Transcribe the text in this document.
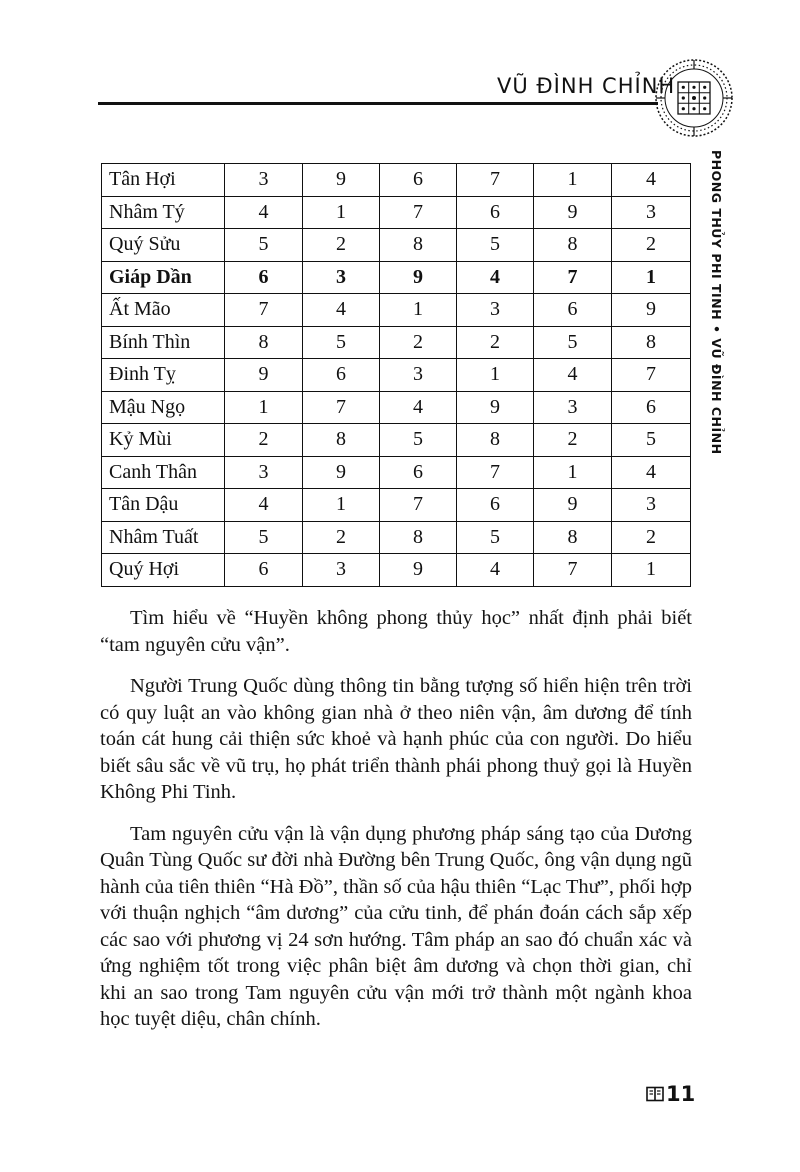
VŨ ĐÌNH CHỈNH
PHONG THỦY PHI TINH • VŨ ĐÌNH CHỈNH
Tân Hợi	3	9	6	7	1	4
Nhâm Tý	4	1	7	6	9	3
Quý Sửu	5	2	8	5	8	2
Giáp Dần	6	3	9	4	7	1
Ất Mão	7	4	1	3	6	9
Bính Thìn	8	5	2	2	5	8
Đinh Tỵ	9	6	3	1	4	7
Mậu Ngọ	1	7	4	9	3	6
Kỷ Mùi	2	8	5	8	2	5
Canh Thân	3	9	6	7	1	4
Tân Dậu	4	1	7	6	9	3
Nhâm Tuất	5	2	8	5	8	2
Quý Hợi	6	3	9	4	7	1

Tìm hiểu về “Huyền không phong thủy học” nhất định phải biết “tam nguyên cửu vận”.

Người Trung Quốc dùng thông tin bằng tượng số hiển hiện trên trời có quy luật an vào không gian nhà ở theo niên vận, âm dương để tính toán cát hung cải thiện sức khoẻ và hạnh phúc của con người. Do hiểu biết sâu sắc về vũ trụ, họ phát triển thành phái phong thuỷ gọi là Huyền Không Phi Tinh.

Tam nguyên cửu vận là vận dụng phương pháp sáng tạo của Dương Quân Tùng Quốc sư đời nhà Đường bên Trung Quốc, ông vận dụng ngũ hành của tiên thiên “Hà Đồ”, thần số của hậu thiên “Lạc Thư”, phối hợp với thuận nghịch “âm dương” của cửu tinh, để phán đoán cách sắp xếp các sao với phương vị 24 sơn hướng. Tâm pháp an sao đó chuẩn xác và ứng nghiệm tốt trong việc phân biệt âm dương và chọn thời gian, chỉ khi an sao trong Tam nguyên cửu vận mới trở thành một ngành khoa học tuyệt diệu, chân chính.

11
